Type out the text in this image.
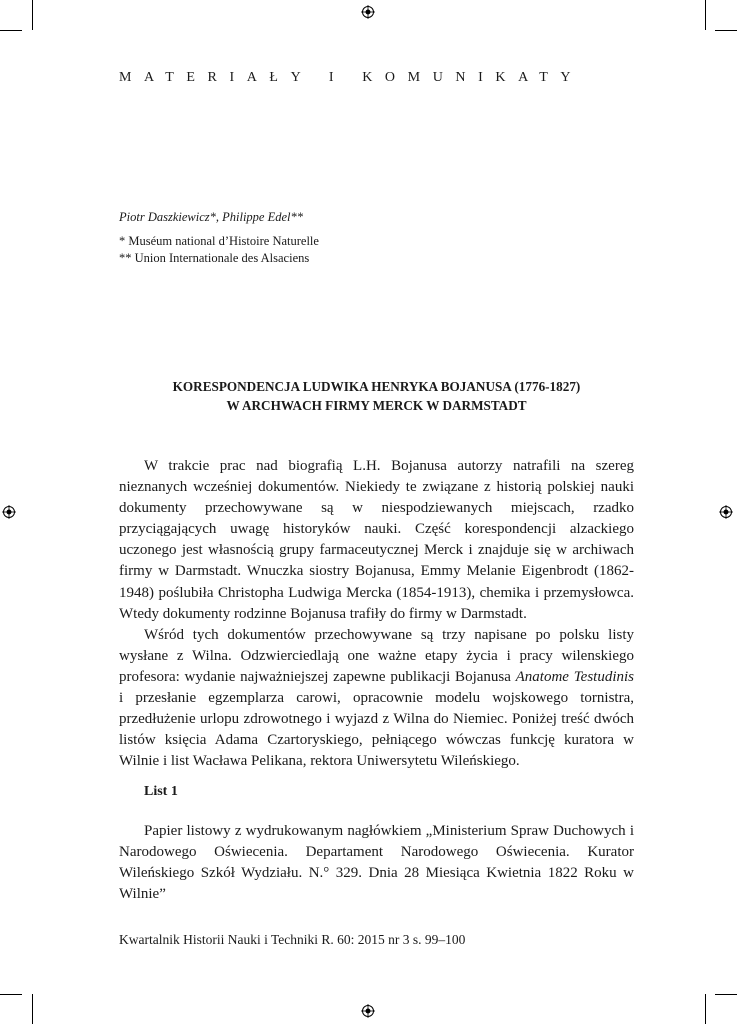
MATERIAŁY I KOMUNIKATY
Piotr Daszkiewicz*, Philippe Edel**
* Muséum national d’Histoire Naturelle
** Union Internationale des Alsaciens
KORESPONDENCJA LUDWIKA HENRYKA BOJANUSA (1776-1827)
W ARCHWACH FIRMY MERCK W DARMSTADT

W trakcie prac nad biografią L.H. Bojanusa autorzy natrafili na szereg nieznanych wcześniej dokumentów. Niekiedy te związane z historią polskiej nauki dokumenty przechowywane są w niespodziewanych miejscach, rzadko przyciągających uwagę historyków nauki. Część korespondencji alzackiego uczonego jest własnością grupy farmaceutycznej Merck i znajduje się w archiwach firmy w Darmstadt. Wnuczka siostry Bojanusa, Emmy Melanie Eigenbrodt (1862-1948) poślubiła Christopha Ludwiga Mercka (1854-1913), chemika i przemysłowca. Wtedy dokumenty rodzinne Bojanusa trafiły do firmy w Darmstadt.

Wśród tych dokumentów przechowywane są trzy napisane po polsku listy wysłane z Wilna. Odzwierciedlają one ważne etapy życia i pracy wilenskiego profesora: wydanie najważniejszej zapewne publikacji Bojanusa Anatome Testudinis i przesłanie egzemplarza carowi, opracownie modelu wojskowego tornistra, przedłużenie urlopu zdrowotnego i wyjazd z Wilna do Niemiec. Poniżej treść dwóch listów księcia Adama Czartoryskiego, pełniącego wówczas funkcję kuratora w Wilnie i list Wacława Pelikana, rektora Uniwersytetu Wileńskiego.

List 1

Papier listowy z wydrukowanym nagłówkiem „Ministerium Spraw Duchowych i Narodowego Oświecenia. Departament Narodowego Oświecenia. Kurator Wileńskiego Szkół Wydziału. N.° 329. Dnia 28 Miesiąca Kwietnia 1822 Roku w Wilnie”

Kwartalnik Historii Nauki i Techniki R. 60: 2015 nr 3 s. 99–100
